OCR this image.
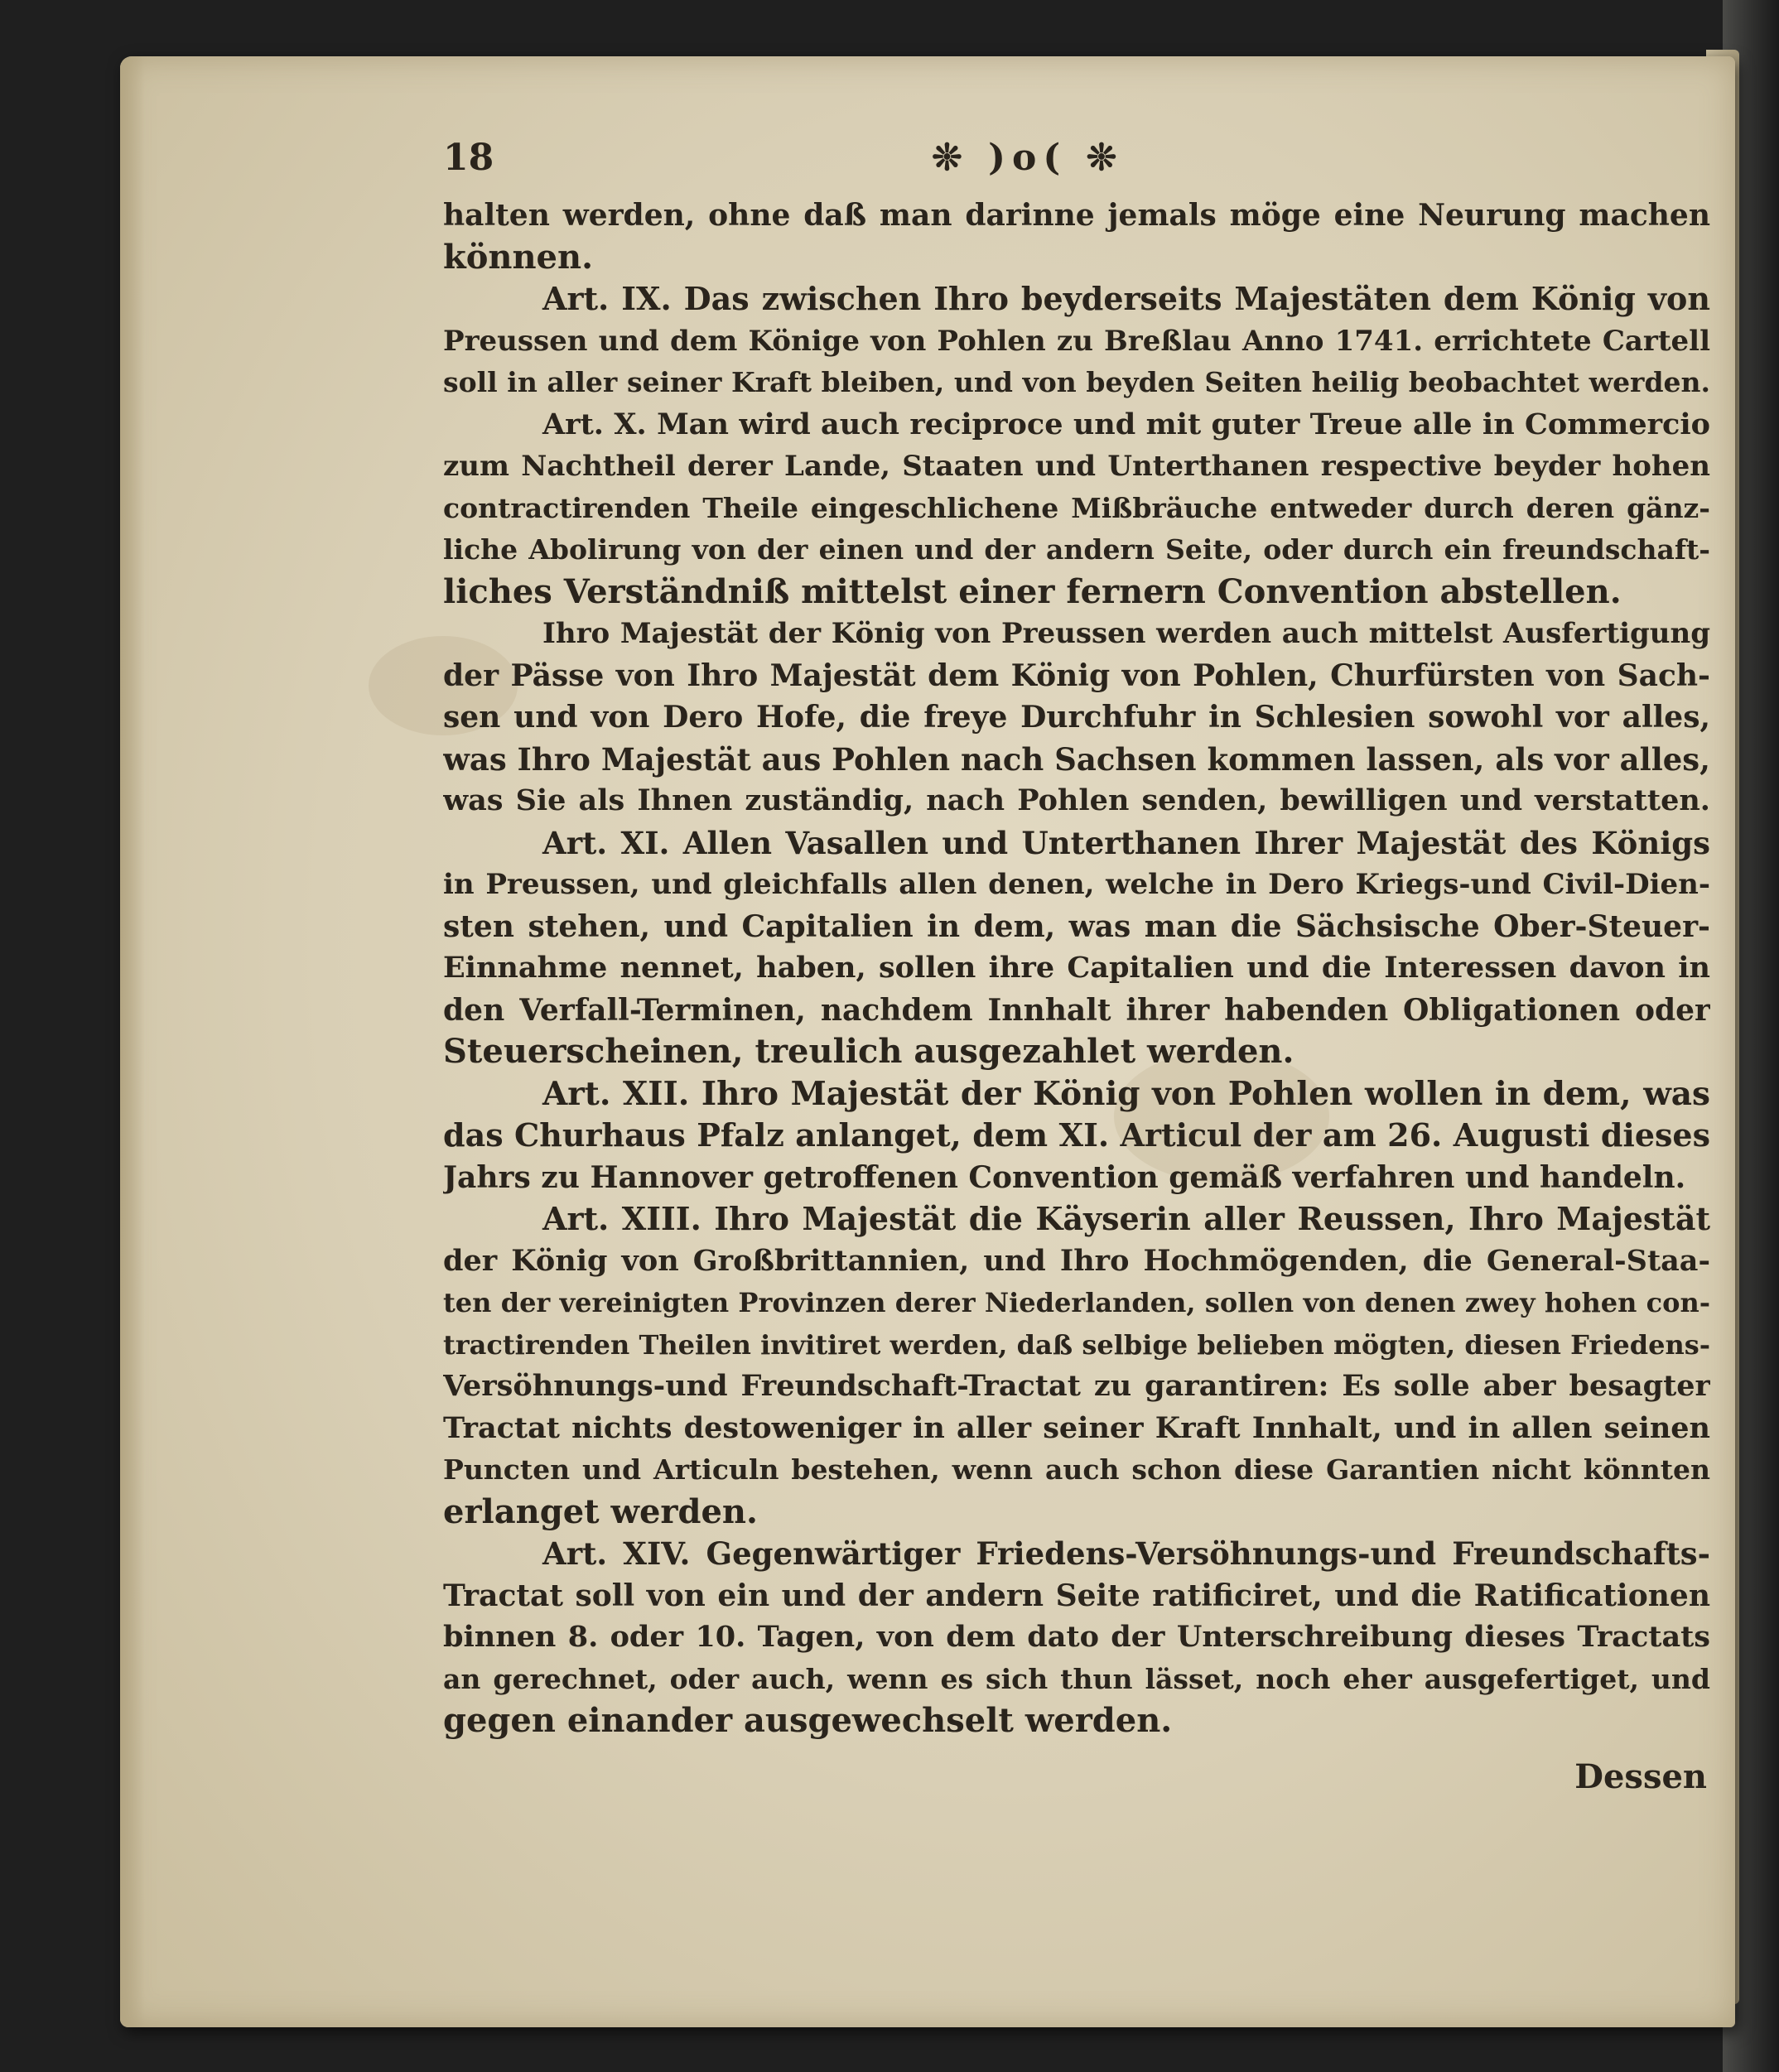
18	❊ )o( ❊
halten werden, ohne daß man darinne jemals möge eine Neurung machen
können.
Art. IX. Das zwischen Ihro beyderseits Majestäten dem König von
Preussen und dem Könige von Pohlen zu Breßlau Anno 1741. errichtete Cartell
soll in aller seiner Kraft bleiben, und von beyden Seiten heilig beobachtet werden.
Art. X. Man wird auch reciproce und mit guter Treue alle in Commercio
zum Nachtheil derer Lande, Staaten und Unterthanen respective beyder hohen
contractirenden Theile eingeschlichene Mißbräuche entweder durch deren gänz-
liche Abolirung von der einen und der andern Seite, oder durch ein freundschaft-
liches Verständniß mittelst einer fernern Convention abstellen.
Ihro Majestät der König von Preussen werden auch mittelst Ausfertigung
der Pässe von Ihro Majestät dem König von Pohlen, Churfürsten von Sach-
sen und von Dero Hofe, die freye Durchfuhr in Schlesien sowohl vor alles,
was Ihro Majestät aus Pohlen nach Sachsen kommen lassen, als vor alles,
was Sie als Ihnen zuständig, nach Pohlen senden, bewilligen und verstatten.
Art. XI. Allen Vasallen und Unterthanen Ihrer Majestät des Königs
in Preussen, und gleichfalls allen denen, welche in Dero Kriegs-und Civil-Dien-
sten stehen, und Capitalien in dem, was man die Sächsische Ober-Steuer-
Einnahme nennet, haben, sollen ihre Capitalien und die Interessen davon in
den Verfall-Terminen, nachdem Innhalt ihrer habenden Obligationen oder
Steuerscheinen, treulich ausgezahlet werden.
Art. XII. Ihro Majestät der König von Pohlen wollen in dem, was
das Churhaus Pfalz anlanget, dem XI. Articul der am 26. Augusti dieses
Jahrs zu Hannover getroffenen Convention gemäß verfahren und handeln.
Art. XIII. Ihro Majestät die Käyserin aller Reussen, Ihro Majestät
der König von Großbrittannien, und Ihro Hochmögenden, die General-Staa-
ten der vereinigten Provinzen derer Niederlanden, sollen von denen zwey hohen con-
tractirenden Theilen invitiret werden, daß selbige belieben mögten, diesen Friedens-
Versöhnungs-und Freundschaft-Tractat zu garantiren: Es solle aber besagter
Tractat nichts destoweniger in aller seiner Kraft Innhalt, und in allen seinen
Puncten und Articuln bestehen, wenn auch schon diese Garantien nicht könnten
erlanget werden.
Art. XIV. Gegenwärtiger Friedens-Versöhnungs-und Freundschafts-
Tractat soll von ein und der andern Seite ratificiret, und die Ratificationen
binnen 8. oder 10. Tagen, von dem dato der Unterschreibung dieses Tractats
an gerechnet, oder auch, wenn es sich thun lässet, noch eher ausgefertiget, und
gegen einander ausgewechselt werden.
Dessen
